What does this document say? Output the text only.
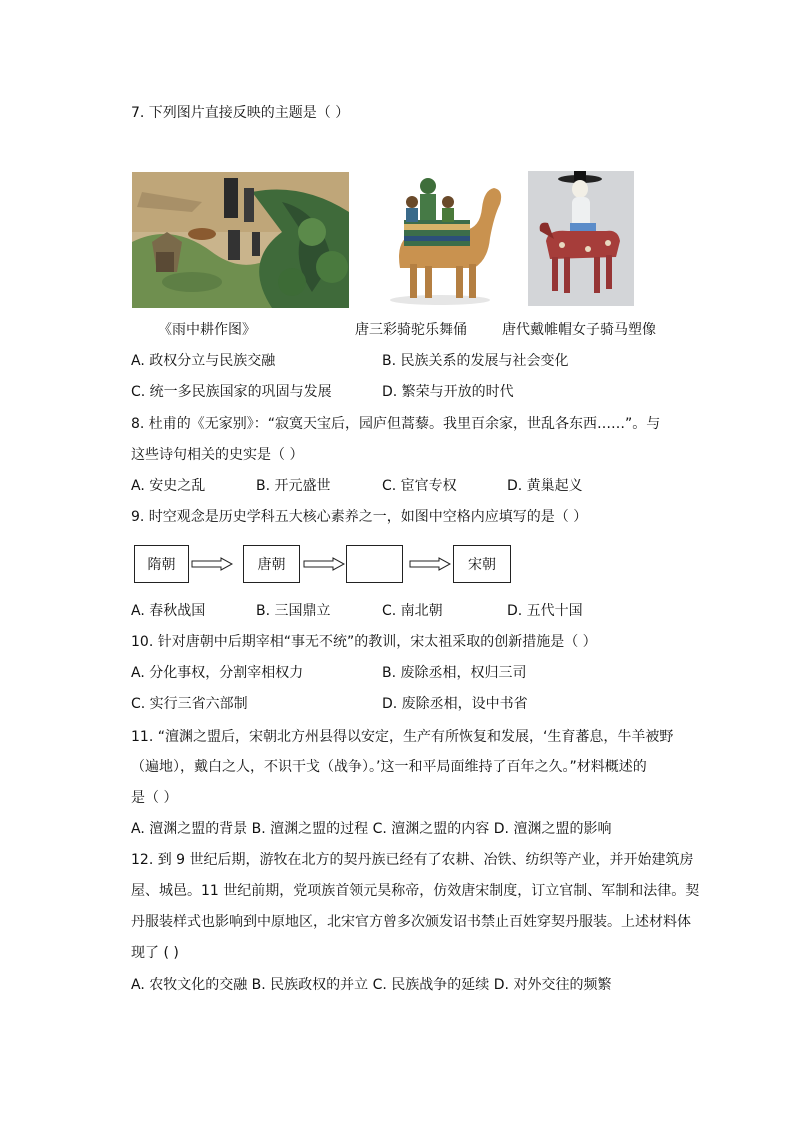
7. 下列图片直接反映的主题是（ ）
《雨中耕作图》	唐三彩骑驼乐舞俑	唐代戴帷帽女子骑马塑像
A. 政权分立与民族交融	B. 民族关系的发展与社会变化
C. 统一多民族国家的巩固与发展	D. 繁荣与开放的时代
8. 杜甫的《无家别》：“寂寞天宝后，园庐但蒿藜。我里百余家，世乱各东西……”。与
这些诗句相关的史实是（ ）
A. 安史之乱	B. 开元盛世	C. 宦官专权	D. 黄巢起义
9. 时空观念是历史学科五大核心素养之一，如图中空格内应填写的是（ ）
隋朝	唐朝	宋朝
A. 春秋战国	B. 三国鼎立	C. 南北朝	D. 五代十国
10. 针对唐朝中后期宰相“事无不统”的教训，宋太祖采取的创新措施是（ ）
A. 分化事权，分割宰相权力	B. 废除丞相，权归三司
C. 实行三省六部制	D. 废除丞相，设中书省
11. “澶渊之盟后，宋朝北方州县得以安定，生产有所恢复和发展，‘生育蕃息，牛羊被野
（遍地），戴白之人，不识干戈（战争）。’这一和平局面维持了百年之久。”材料概述的
是（ ）
A. 澶渊之盟的背景 B. 澶渊之盟的过程 C. 澶渊之盟的内容 D. 澶渊之盟的影响
12. 到 9 世纪后期，游牧在北方的契丹族已经有了农耕、冶铁、纺织等产业，并开始建筑房
屋、城邑。11 世纪前期，党项族首领元昊称帝，仿效唐宋制度，订立官制、军制和法律。契
丹服装样式也影响到中原地区，北宋官方曾多次颁发诏书禁止百姓穿契丹服装。上述材料体
现了 ( )
A. 农牧文化的交融 B. 民族政权的并立 C. 民族战争的延续 D. 对外交往的频繁
